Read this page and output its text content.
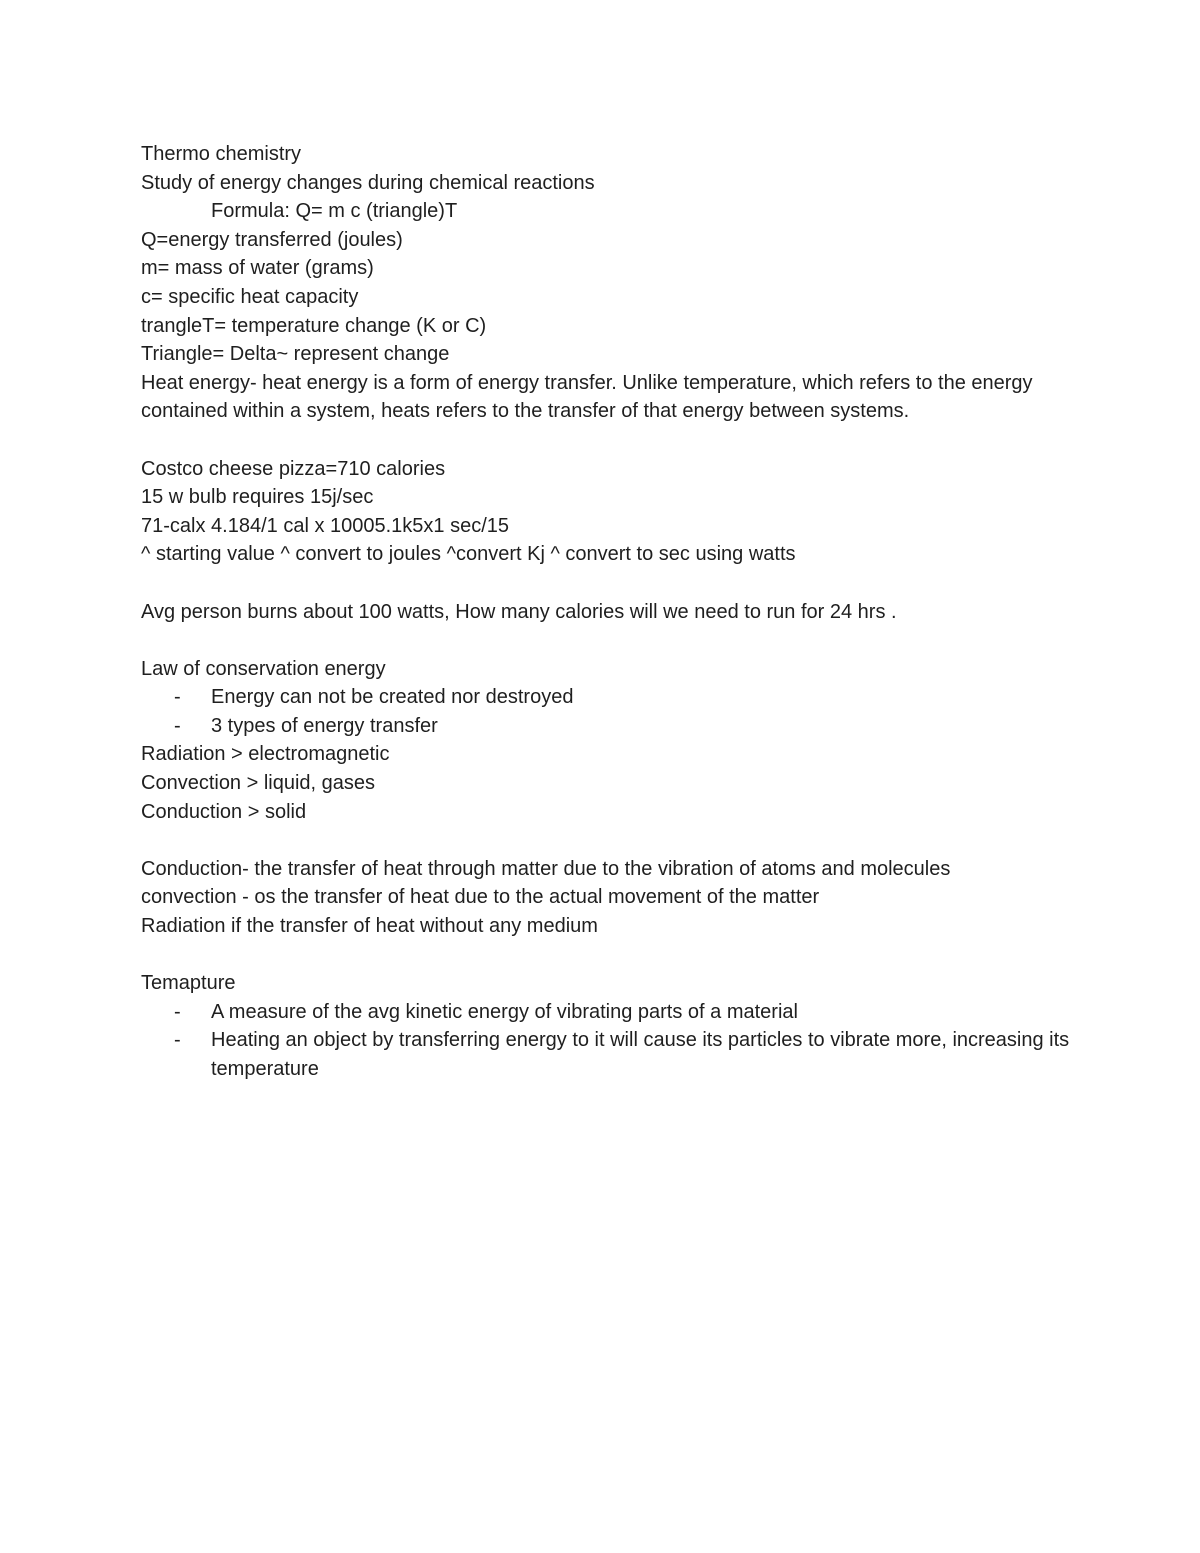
Thermo chemistry
Study of energy changes during chemical reactions
Formula: Q= m c (triangle)T
Q=energy transferred (joules)
m= mass of water (grams)
c= specific heat capacity
trangleT= temperature change (K or C)
Triangle= Delta~ represent change
Heat energy- heat energy is a form of energy transfer. Unlike temperature, which refers to the energy contained within a system, heats refers to the transfer of that energy between systems.
Costco cheese pizza=710 calories
15 w bulb requires 15j/sec
71-calx 4.184/1 cal x 10005.1k5x1 sec/15
^ starting value ^ convert to joules ^convert Kj ^ convert to sec using watts
Avg person burns about 100 watts, How many calories will we need to run for 24 hrs .
Law of conservation energy
- Energy can not be created nor destroyed
- 3 types of energy transfer
Radiation > electromagnetic
Convection > liquid, gases
Conduction > solid
Conduction- the transfer of heat through matter due to the vibration of atoms and molecules
convection - os the transfer of heat due to the actual movement of the matter
Radiation if the transfer of heat without any medium
Temapture
- A measure of the avg kinetic energy of vibrating parts of a material
- Heating an object by transferring energy to it will cause its particles to vibrate more, increasing its temperature
